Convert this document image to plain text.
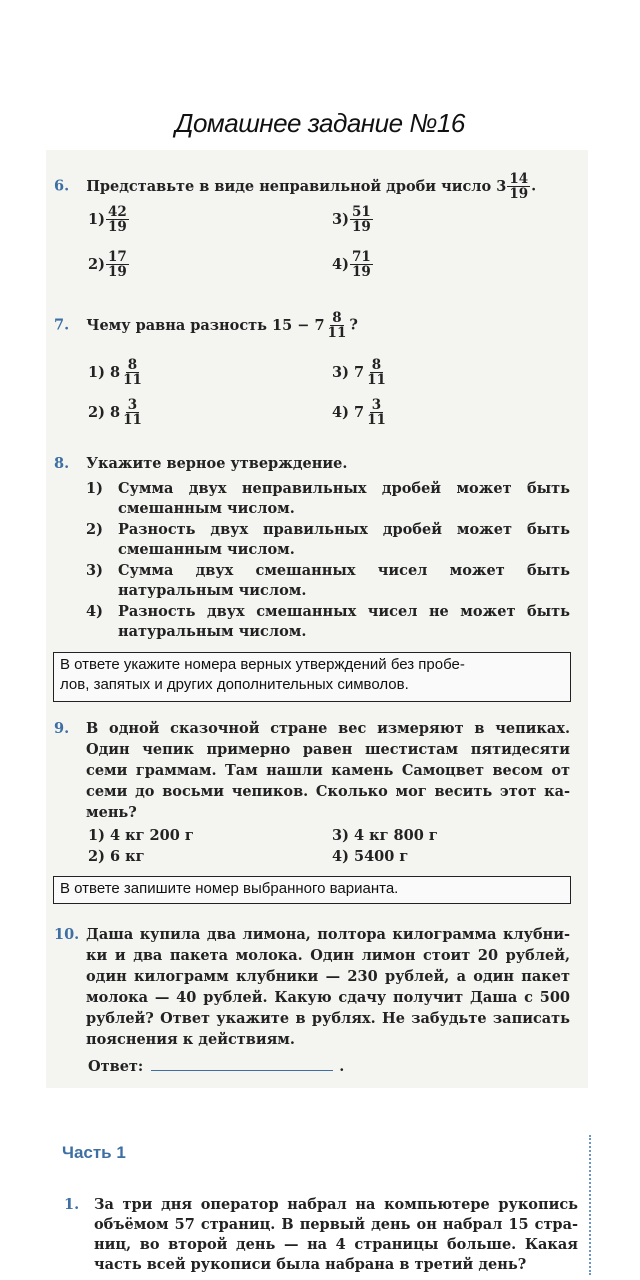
Домашнее задание №16
6. Представьте в виде неправильной дроби число $3 \frac{14}{19}$ .
$1) \frac{42}{19}$
$2) \frac{17}{19}$
$3) \frac{51}{19}$
$4) \frac{71}{19}$
7. Чему равна разность $15 - 7 \frac{8}{11}$ ?
1)
$8 \frac{8}{11}$
2)
$8 \frac{3}{11}$
3)
$7 \frac{8}{11}$
4)
$7 \frac{3}{11}$
8. Укажите верное утверждение.
1) Сумма двух неправильных дробей может быть
смешанным числом.
2) Разность двух правильных дробей может быть
смешанным числом.
3) Сумма двух смешанных чисел может быть
натуральным числом.
4) Разность двух смешанных чисел не может быть
натуральным числом.
В ответе укажите номера верных утверждений без пробе-
лов, запятых и других дополнительных символов.
9. В одной сказочной стране вес измеряют в чепиках.
Один чепик примерно равен шестистам пятидесяти
семи граммам. Там нашли камень Самоцвет весом от
семи до восьми чепиков. Сколько мог весить этот ка-
мень?
1) 4 кг 200 г
2) 6 кг
3) 4 кг 800 г
4) 5400 г
В ответе запишите номер выбранного варианта.
10. Даша купила два лимона, полтора килограмма клубни-
ки и два пакета молока. Один лимон стоит 20 рублей,
один килограмм клубники — 230 рублей, а один пакет
молока — 40 рублей. Какую сдачу получит Даша с 500
рублей? Ответ укажите в рублях. Не забудьте записать
пояснения к действиям.
Ответ:	.
Часть 1
1. За три дня оператор набрал на компьютере рукопись
объёмом 57 страниц. В первый день он набрал 15 стра-
ниц, во второй день — на 4 страницы больше. Какая
часть всей рукописи была набрана в третий день?
